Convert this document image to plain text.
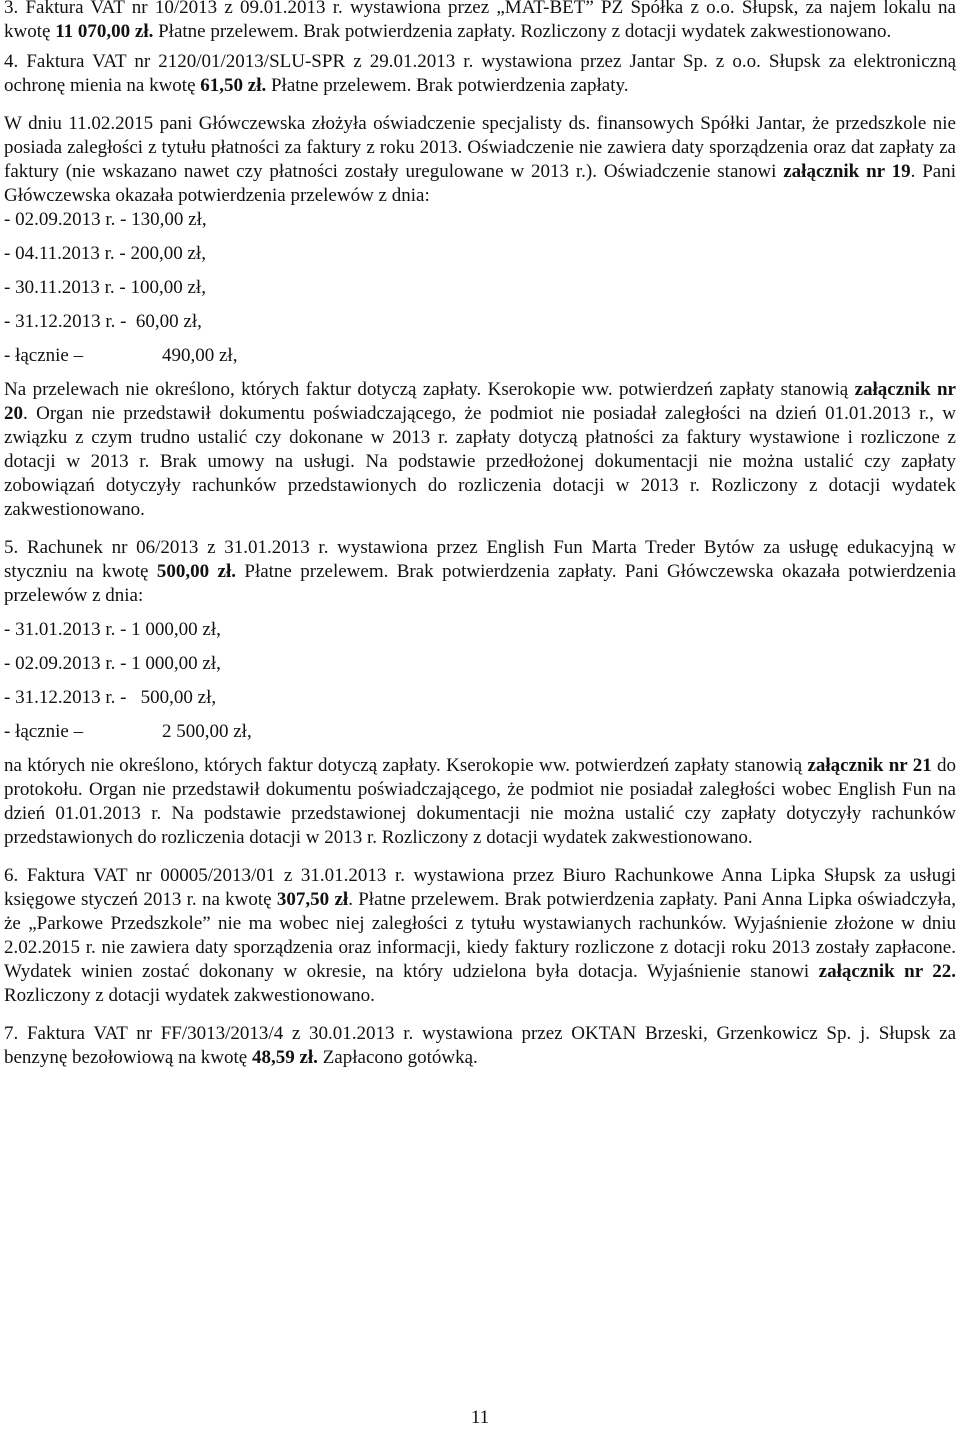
3. Faktura VAT nr 10/2013 z 09.01.2013 r. wystawiona przez „MAT-BET” PZ Spółka z o.o. Słupsk, za najem lokalu na kwotę 11 070,00 zł. Płatne przelewem. Brak potwierdzenia zapłaty. Rozliczony z dotacji wydatek zakwestionowano.

4. Faktura VAT nr 2120/01/2013/SLU-SPR z 29.01.2013 r. wystawiona przez Jantar Sp. z o.o. Słupsk za elektroniczną ochronę mienia na kwotę 61,50 zł. Płatne przelewem. Brak potwierdzenia zapłaty.

W dniu 11.02.2015 pani Główczewska złożyła oświadczenie specjalisty ds. finansowych Spółki Jantar, że przedszkole nie posiada zaległości z tytułu płatności za faktury z roku 2013. Oświadczenie nie zawiera daty sporządzenia oraz dat zapłaty za faktury (nie wskazano nawet czy płatności zostały uregulowane w 2013 r.). Oświadczenie stanowi załącznik nr 19. Pani Główczewska okazała potwierdzenia przelewów z dnia:

- 02.09.2013 r. - 130,00 zł,
- 04.11.2013 r. - 200,00 zł,
- 30.11.2013 r. - 100,00 zł,
- 31.12.2013 r. -  60,00 zł,
- łącznie –	490,00 zł,

Na przelewach nie określono, których faktur dotyczą zapłaty. Kserokopie ww. potwierdzeń zapłaty stanowią załącznik nr 20. Organ nie przedstawił dokumentu poświadczającego, że podmiot nie posiadał zaległości na dzień 01.01.2013 r., w związku z czym trudno ustalić czy dokonane w 2013 r. zapłaty dotyczą płatności za faktury wystawione i rozliczone z dotacji w 2013 r. Brak umowy na usługi. Na podstawie przedłożonej dokumentacji nie można ustalić czy zapłaty zobowiązań dotyczyły rachunków przedstawionych do rozliczenia dotacji w 2013 r. Rozliczony z dotacji wydatek zakwestionowano.

5. Rachunek nr 06/2013 z 31.01.2013 r. wystawiona przez English Fun Marta Treder Bytów za usługę edukacyjną w styczniu na kwotę 500,00 zł. Płatne przelewem. Brak potwierdzenia zapłaty. Pani Główczewska okazała potwierdzenia przelewów z dnia:

- 31.01.2013 r. - 1 000,00 zł,
- 02.09.2013 r. - 1 000,00 zł,
- 31.12.2013 r. -   500,00 zł,
- łącznie –	2 500,00 zł,

na których nie określono, których faktur dotyczą zapłaty. Kserokopie ww. potwierdzeń zapłaty stanowią załącznik nr 21 do protokołu. Organ nie przedstawił dokumentu poświadczającego, że podmiot nie posiadał zaległości wobec English Fun na dzień 01.01.2013 r. Na podstawie przedstawionej dokumentacji nie można ustalić czy zapłaty dotyczyły rachunków przedstawionych do rozliczenia dotacji w 2013 r. Rozliczony z dotacji wydatek zakwestionowano.

6. Faktura VAT nr 00005/2013/01 z 31.01.2013 r. wystawiona przez Biuro Rachunkowe Anna Lipka Słupsk za usługi księgowe styczeń 2013 r. na kwotę 307,50 zł. Płatne przelewem. Brak potwierdzenia zapłaty. Pani Anna Lipka oświadczyła, że „Parkowe Przedszkole” nie ma wobec niej zaległości z tytułu wystawianych rachunków. Wyjaśnienie złożone w dniu 2.02.2015 r. nie zawiera daty sporządzenia oraz informacji, kiedy faktury rozliczone z dotacji roku 2013 zostały zapłacone. Wydatek winien zostać dokonany w okresie, na który udzielona była dotacja. Wyjaśnienie stanowi załącznik nr 22. Rozliczony z dotacji wydatek zakwestionowano.

7. Faktura VAT nr FF/3013/2013/4 z 30.01.2013 r. wystawiona przez OKTAN Brzeski, Grzenkowicz Sp. j. Słupsk za benzynę bezołowiową na kwotę 48,59 zł. Zapłacono gotówką.

11
